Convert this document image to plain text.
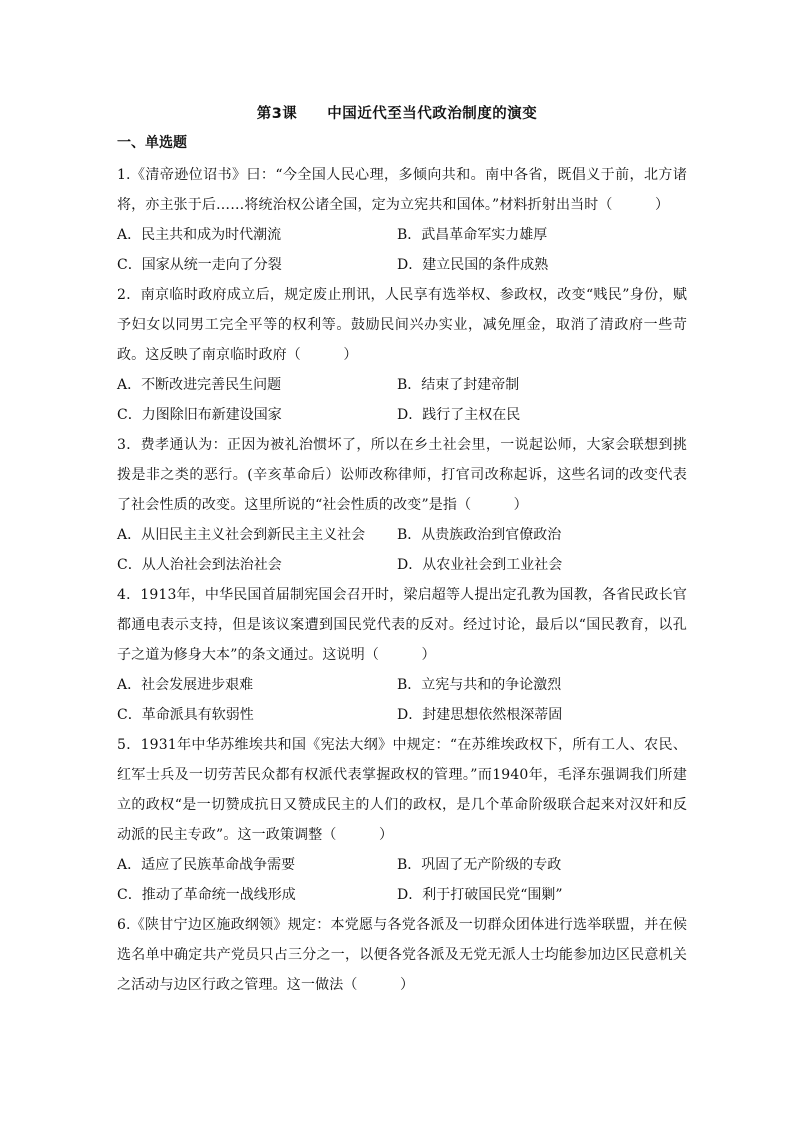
第3课　　中国近代至当代政治制度的演变
一、单选题

1.《清帝逊位诏书》曰：“今全国人民心理，多倾向共和。南中各省，既倡义于前，北方诸将，亦主张于后……将统治权公诸全国，定为立宪共和国体。”材料折射出当时（　　　）

A．民主共和成为时代潮流	B．武昌革命军实力雄厚
C．国家从统一走向了分裂	D．建立民国的条件成熟

2．南京临时政府成立后，规定废止刑讯，人民享有选举权、参政权，改变“贱民”身份，赋予妇女以同男工完全平等的权利等。鼓励民间兴办实业，减免厘金，取消了清政府一些苛政。这反映了南京临时政府（　　　）

A．不断改进完善民生问题	B．结束了封建帝制
C．力图除旧布新建设国家	D．践行了主权在民

3．费孝通认为：正因为被礼治惯坏了，所以在乡土社会里，一说起讼师，大家会联想到挑拨是非之类的恶行。(辛亥革命后）讼师改称律师，打官司改称起诉，这些名词的改变代表了社会性质的改变。这里所说的“社会性质的改变”是指（　　　）

A．从旧民主主义社会到新民主主义社会	B．从贵族政治到官僚政治
C．从人治社会到法治社会	D．从农业社会到工业社会

4．1913年，中华民国首届制宪国会召开时，梁启超等人提出定孔教为国教，各省民政长官都通电表示支持，但是该议案遭到国民党代表的反对。经过讨论，最后以“国民教育，以孔子之道为修身大本”的条文通过。这说明（　　　）

A．社会发展进步艰难	B．立宪与共和的争论激烈
C．革命派具有软弱性	D．封建思想依然根深蒂固

5．1931年中华苏维埃共和国《宪法大纲》中规定：“在苏维埃政权下，所有工人、农民、红军士兵及一切劳苦民众都有权派代表掌握政权的管理。”而1940年，毛泽东强调我们所建立的政权“是一切赞成抗日又赞成民主的人们的政权，是几个革命阶级联合起来对汉奸和反动派的民主专政”。这一政策调整（　　　）

A．适应了民族革命战争需要	B．巩固了无产阶级的专政
C．推动了革命统一战线形成	D．利于打破国民党“围剿”

6.《陕甘宁边区施政纲领》规定：本党愿与各党各派及一切群众团体进行选举联盟，并在候选名单中确定共产党员只占三分之一，以便各党各派及无党无派人士均能参加边区民意机关之活动与边区行政之管理。这一做法（　　　）
